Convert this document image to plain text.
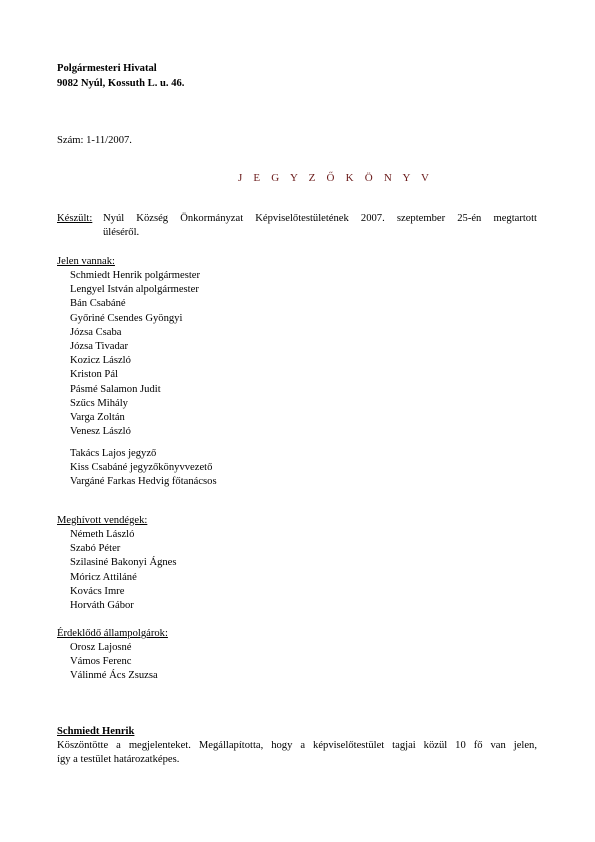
Polgármesteri Hivatal
9082 Nyúl, Kossuth L. u. 46.
Szám: 1-11/2007.
J E G Y Z Ő K Ö N Y V
Készült: Nyúl Község Önkormányzat Képviselőtestületének 2007. szeptember 25-én megtartott
üléséről.
Jelen vannak:
Schmiedt Henrik polgármester
Lengyel István alpolgármester
Bán Csabáné
Győriné Csendes Gyöngyi
Józsa Csaba
Józsa Tivadar
Kozicz László
Kriston Pál
Pásmé Salamon Judit
Szűcs Mihály
Varga Zoltán
Venesz László
Takács Lajos jegyző
Kiss Csabáné jegyzőkönyvvezető
Vargáné Farkas Hedvig főtanácsos
Meghívott vendégek:
Németh László
Szabó Péter
Szilasiné Bakonyi Ágnes
Móricz Attiláné
Kovács Imre
Horváth Gábor
Érdeklődő állampolgárok:
Orosz Lajosné
Vámos Ferenc
Válinmé Ács Zsuzsa
Schmiedt Henrik
Köszöntötte a megjelenteket. Megállapította, hogy a képviselőtestület tagjai közül 10 fő van jelen,
így a testület határozatképes.
